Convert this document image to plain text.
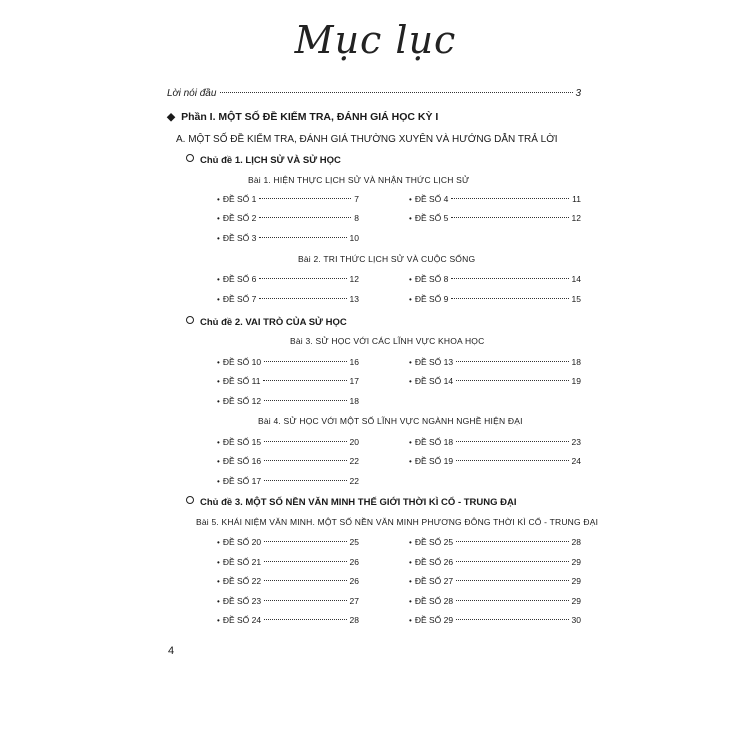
Mục lục
Lời nói đầu	3
◆ Phần I. MỘT SỐ ĐỀ KIỂM TRA, ĐÁNH GIÁ HỌC KỲ I
A. MỘT SỐ ĐỀ KIỂM TRA, ĐÁNH GIÁ THƯỜNG XUYÊN VÀ HƯỚNG DẪN TRẢ LỜI
Chủ đề 1. LỊCH SỬ VÀ SỬ HỌC
Bài 1. HIỆN THỰC LỊCH SỬ VÀ NHẬN THỨC LỊCH SỬ
• ĐỀ SỐ 1	7
• ĐỀ SỐ 2	8
• ĐỀ SỐ 3	10
• ĐỀ SỐ 4	11
• ĐỀ SỐ 5	12
Bài 2. TRI THỨC LỊCH SỬ VÀ CUỘC SỐNG
• ĐỀ SỐ 6	12
• ĐỀ SỐ 7	13
• ĐỀ SỐ 8	14
• ĐỀ SỐ 9	15
Chủ đề 2. VAI TRÒ CỦA SỬ HỌC
Bài 3. SỬ HỌC VỚI CÁC LĨNH VỰC KHOA HỌC
• ĐỀ SỐ 10	16
• ĐỀ SỐ 11	17
• ĐỀ SỐ 12	18
• ĐỀ SỐ 13	18
• ĐỀ SỐ 14	19
Bài 4. SỬ HỌC VỚI MỘT SỐ LĨNH VỰC NGÀNH NGHỀ HIỆN ĐẠI
• ĐỀ SỐ 15	20
• ĐỀ SỐ 16	22
• ĐỀ SỐ 17	22
• ĐỀ SỐ 18	23
• ĐỀ SỐ 19	24
Chủ đề 3. MỘT SỐ NỀN VĂN MINH THẾ GIỚI THỜI KÌ CỔ - TRUNG ĐẠI
Bài 5. KHÁI NIỆM VĂN MINH. MỘT SỐ NỀN VĂN MINH PHƯƠNG ĐÔNG THỜI KÌ CỔ - TRUNG ĐẠI
• ĐỀ SỐ 20	25
• ĐỀ SỐ 21	26
• ĐỀ SỐ 22	26
• ĐỀ SỐ 23	27
• ĐỀ SỐ 24	28
• ĐỀ SỐ 25	28
• ĐỀ SỐ 26	29
• ĐỀ SỐ 27	29
• ĐỀ SỐ 28	29
• ĐỀ SỐ 29	30
4
